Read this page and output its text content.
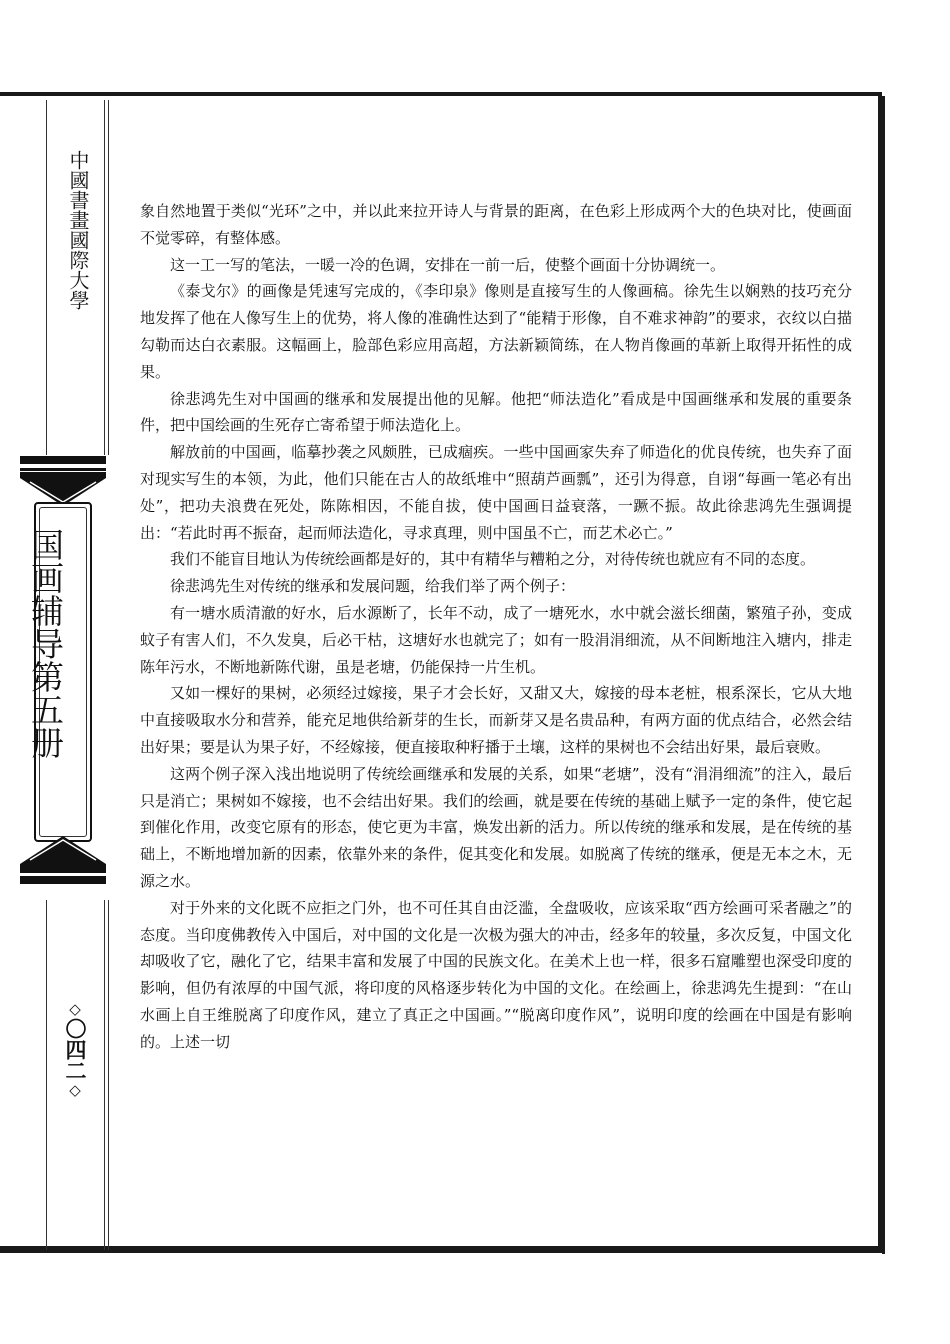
中國書畫國際大學
国画辅导第五册
◇〇四二◇

象自然地置于类似“光环”之中，并以此来拉开诗人与背景的距离，在色彩上形成两个大的色块对比，使画面不觉零碎，有整体感。

这一工一写的笔法，一暖一冷的色调，安排在一前一后，使整个画面十分协调统一。

《泰戈尔》的画像是凭速写完成的，《李印泉》像则是直接写生的人像画稿。徐先生以娴熟的技巧充分地发挥了他在人像写生上的优势，将人像的准确性达到了“能精于形像，自不难求神韵”的要求，衣纹以白描勾勒而达白衣素服。这幅画上，脸部色彩应用高超，方法新颖简练，在人物肖像画的革新上取得开拓性的成果。

徐悲鸿先生对中国画的继承和发展提出他的见解。他把“师法造化”看成是中国画继承和发展的重要条件，把中国绘画的生死存亡寄希望于师法造化上。

解放前的中国画，临摹抄袭之风颇胜，已成痼疾。一些中国画家失弃了师造化的优良传统，也失弃了面对现实写生的本领，为此，他们只能在古人的故纸堆中“照葫芦画瓢”，还引为得意，自诩“每画一笔必有出处”，把功夫浪费在死处，陈陈相因，不能自拔，使中国画日益衰落，一蹶不振。故此徐悲鸿先生强调提出：“若此时再不振奋，起而师法造化，寻求真理，则中国虽不亡，而艺术必亡。”

我们不能盲目地认为传统绘画都是好的，其中有精华与糟粕之分，对待传统也就应有不同的态度。

徐悲鸿先生对传统的继承和发展问题，给我们举了两个例子：

有一塘水质清澈的好水，后水源断了，长年不动，成了一塘死水，水中就会滋长细菌，繁殖子孙，变成蚊子有害人们，不久发臭，后必干枯，这塘好水也就完了；如有一股涓涓细流，从不间断地注入塘内，排走陈年污水，不断地新陈代谢，虽是老塘，仍能保持一片生机。

又如一棵好的果树，必须经过嫁接，果子才会长好，又甜又大，嫁接的母本老桩，根系深长，它从大地中直接吸取水分和营养，能充足地供给新芽的生长，而新芽又是名贵品种，有两方面的优点结合，必然会结出好果；要是认为果子好，不经嫁接，便直接取种籽播于土壤，这样的果树也不会结出好果，最后衰败。

这两个例子深入浅出地说明了传统绘画继承和发展的关系，如果“老塘”，没有“涓涓细流”的注入，最后只是消亡；果树如不嫁接，也不会结出好果。我们的绘画，就是要在传统的基础上赋予一定的条件，使它起到催化作用，改变它原有的形态，使它更为丰富，焕发出新的活力。所以传统的继承和发展，是在传统的基础上，不断地增加新的因素，依靠外来的条件，促其变化和发展。如脱离了传统的继承，便是无本之木，无源之水。

对于外来的文化既不应拒之门外，也不可任其自由泛滥，全盘吸收，应该采取“西方绘画可采者融之”的态度。当印度佛教传入中国后，对中国的文化是一次极为强大的冲击，经多年的较量，多次反复，中国文化却吸收了它，融化了它，结果丰富和发展了中国的民族文化。在美术上也一样，很多石窟雕塑也深受印度的影响，但仍有浓厚的中国气派，将印度的风格逐步转化为中国的文化。在绘画上，徐悲鸿先生提到：“在山水画上自王维脱离了印度作风，建立了真正之中国画。”“脱离印度作风”，说明印度的绘画在中国是有影响的。上述一切
